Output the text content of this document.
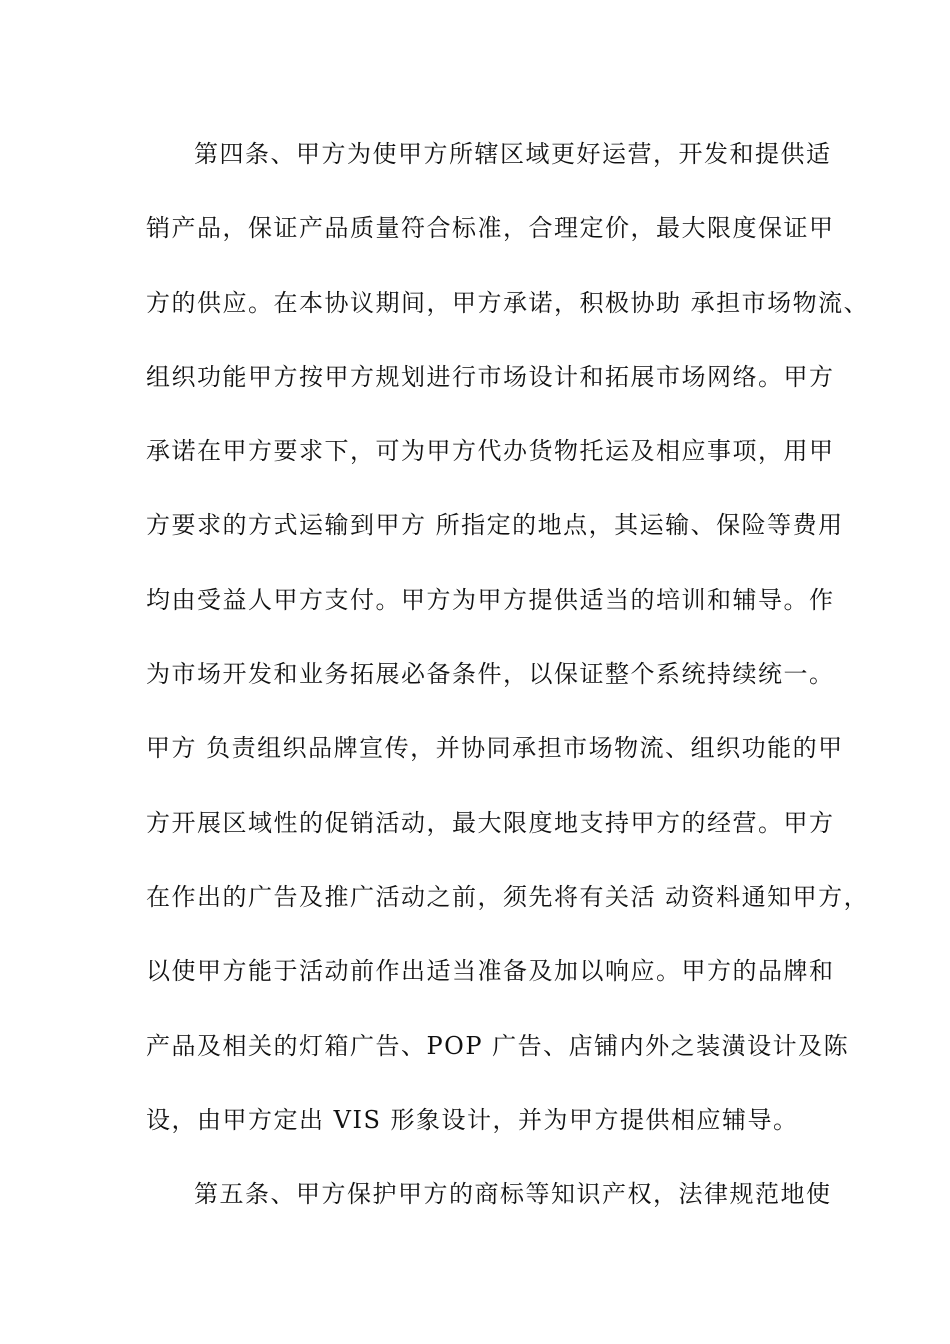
第四条、甲方为使甲方所辖区域更好运营，开发和提供适
销产品，保证产品质量符合标准，合理定价，最大限度保证甲
方的供应。在本协议期间，甲方承诺，积极协助 承担市场物流、
组织功能甲方按甲方规划进行市场设计和拓展市场网络。甲方
承诺在甲方要求下，可为甲方代办货物托运及相应事项，用甲
方要求的方式运输到甲方 所指定的地点，其运输、保险等费用
均由受益人甲方支付。甲方为甲方提供适当的培训和辅导。作
为市场开发和业务拓展必备条件，以保证整个系统持续统一。
甲方 负责组织品牌宣传，并协同承担市场物流、组织功能的甲
方开展区域性的促销活动，最大限度地支持甲方的经营。甲方
在作出的广告及推广活动之前，须先将有关活 动资料通知甲方，
以使甲方能于活动前作出适当准备及加以响应。甲方的品牌和
产品及相关的灯箱广告、POP 广告、店铺内外之装潢设计及陈
设，由甲方定出 VIS 形象设计，并为甲方提供相应辅导。
第五条、甲方保护甲方的商标等知识产权，法律规范地使
